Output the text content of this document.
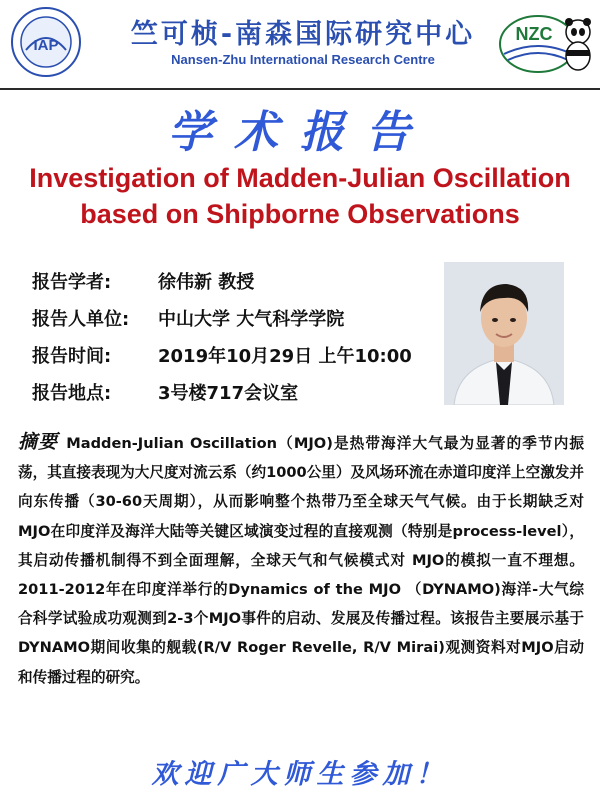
IAP	竺可桢-南森国际研究中心
Nansen-Zhu International Research Centre
NZC
学术报告
Investigation of Madden-Julian Oscillation
based on Shipborne Observations
报告学者:	徐伟新 教授
报告人单位: 中山大学 大气科学学院
报告时间:	2019年10月29日 上午10:00
报告地点:	3号楼717会议室
摘要 Madden-Julian Oscillation（MJO)是热带海洋大气最为显著的季节内振荡，其直接表现为大尺度对流云系（约1000公里）及风场环流在赤道印度洋上空激发并向东传播（30-60天周期），从而影响整个热带乃至全球天气气候。由于长期缺乏对MJO在印度洋及海洋大陆等关键区域演变过程的直接观测（特别是process-level），其启动传播机制得不到全面理解，全球天气和气候模式对 MJO的模拟一直不理想。2011-2012年在印度洋举行的Dynamics of the MJO （DYNAMO)海洋-大气综合科学试验成功观测到2-3个MJO事件的启动、发展及传播过程。该报告主要展示基于DYNAMO期间收集的舰载(R/V Roger Revelle, R/V Mirai)观测资料对MJO启动和传播过程的研究。
欢迎广大师生参加！
